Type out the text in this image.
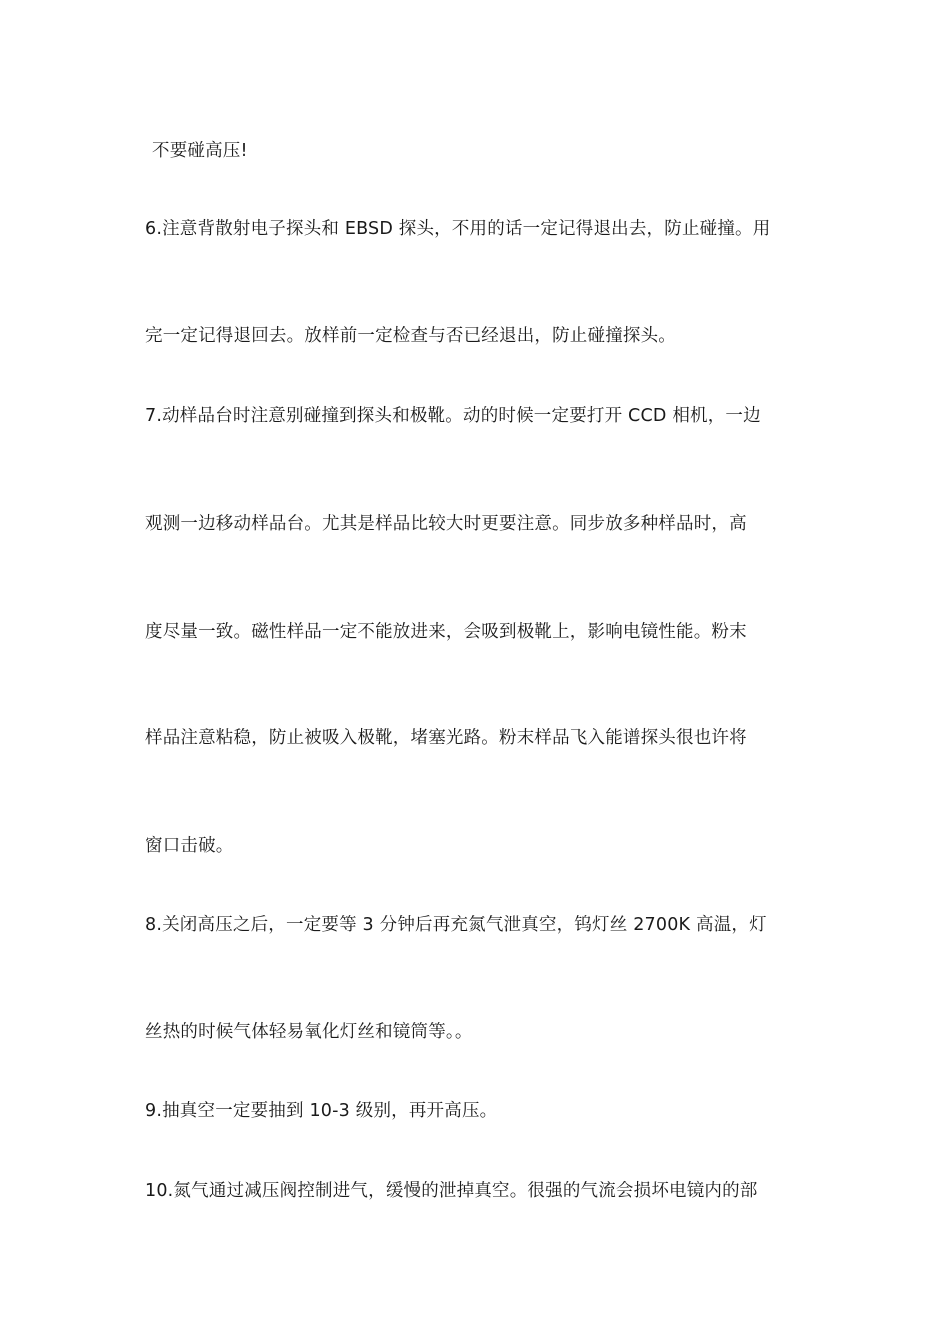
不要碰高压!
6.注意背散射电子探头和 EBSD 探头，不用的话一定记得退出去，防止碰撞。用
完一定记得退回去。放样前一定检查与否已经退出，防止碰撞探头。
7.动样品台时注意别碰撞到探头和极靴。动的时候一定要打开 CCD 相机，一边
观测一边移动样品台。尤其是样品比较大时更要注意。同步放多种样品时，高
度尽量一致。磁性样品一定不能放进来，会吸到极靴上，影响电镜性能。粉末
样品注意粘稳，防止被吸入极靴，堵塞光路。粉末样品飞入能谱探头很也许将
窗口击破。
8.关闭高压之后，一定要等 3 分钟后再充氮气泄真空，钨灯丝 2700K 高温，灯
丝热的时候气体轻易氧化灯丝和镜筒等。。
9.抽真空一定要抽到 10-3 级别，再开高压。
10.氮气通过减压阀控制进气，缓慢的泄掉真空。很强的气流会损坏电镜内的部
